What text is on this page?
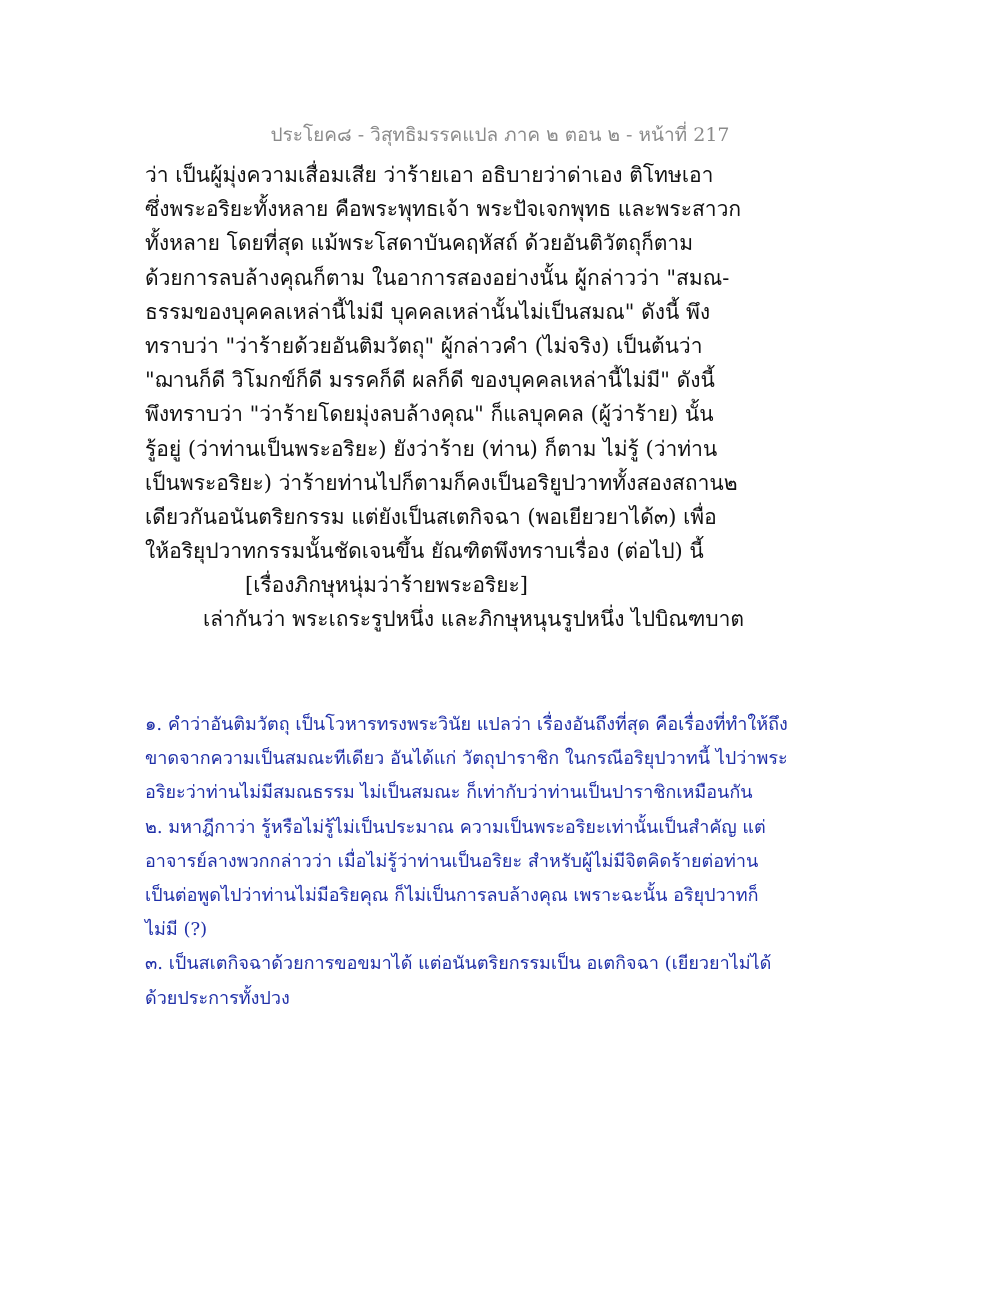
ประโยค๘ - วิสุทธิมรรคแปล ภาค ๒ ตอน ๒ - หน้าที่ 217
ว่า เป็นผู้มุ่งความเสื่อมเสีย ว่าร้ายเอา อธิบายว่าด่าเอง ติโทษเอา
ซึ่งพระอริยะทั้งหลาย คือพระพุทธเจ้า พระปัจเจกพุทธ และพระสาวก
ทั้งหลาย โดยที่สุด แม้พระโสดาบันคฤหัสถ์ ด้วยอันติวัตถุก็ตาม
ด้วยการลบล้างคุณก็ตาม ในอาการสองอย่างนั้น ผู้กล่าวว่า "สมณ-
ธรรมของบุคคลเหล่านี้ไม่มี บุคคลเหล่านั้นไม่เป็นสมณ" ดังนี้ พึง
ทราบว่า "ว่าร้ายด้วยอันติมวัตถุ" ผู้กล่าวคำ (ไม่จริง) เป็นต้นว่า
"ฌานก็ดี วิโมกข์ก็ดี มรรคก็ดี ผลก็ดี ของบุคคลเหล่านี้ไม่มี" ดังนี้
พึงทราบว่า "ว่าร้ายโดยมุ่งลบล้างคุณ" ก็แลบุคคล (ผู้ว่าร้าย) นั้น
รู้อยู่ (ว่าท่านเป็นพระอริยะ) ยังว่าร้าย (ท่าน) ก็ตาม ไม่รู้ (ว่าท่าน
เป็นพระอริยะ) ว่าร้ายท่านไปก็ตามก็คงเป็นอริยูปวาททั้งสองสถาน๒
เดียวกันอนันตริยกรรม แต่ยังเป็นสเตกิจฉา (พอเยียวยาได้๓) เพื่อ
ให้อริยุปวาทกรรมนั้นชัดเจนขึ้น ยัณฑิตพึงทราบเรื่อง (ต่อไป) นี้
[เรื่องภิกษุหนุ่มว่าร้ายพระอริยะ]
เล่ากันว่า พระเถระรูปหนึ่ง และภิกษุหนุนรูปหนึ่ง ไปบิณฑบาต
๑. คำว่าอันติมวัตถุ เป็นโวหารทรงพระวินัย แปลว่า เรื่องอันถึงที่สุด คือเรื่องที่ทำให้ถึง
ขาดจากความเป็นสมณะทีเดียว อันได้แก่ วัตถุปาราชิก ในกรณีอริยุปวาทนี้ ไปว่าพระ
อริยะว่าท่านไม่มีสมณธรรม ไม่เป็นสมณะ ก็เท่ากับว่าท่านเป็นปาราชิกเหมือนกัน
๒. มหาฎีกาว่า รู้หรือไม่รู้ไม่เป็นประมาณ ความเป็นพระอริยะเท่านั้นเป็นสำคัญ แต่
อาจารย์ลางพวกกล่าวว่า เมื่อไม่รู้ว่าท่านเป็นอริยะ สำหรับผู้ไม่มีจิตคิดร้ายต่อท่าน
เป็นต่อพูดไปว่าท่านไม่มีอริยคุณ ก็ไม่เป็นการลบล้างคุณ เพราะฉะนั้น อริยุปวาทก็
ไม่มี (?)
๓. เป็นสเตกิจฉาด้วยการขอขมาได้ แต่อนันตริยกรรมเป็น อเตกิจฉา (เยียวยาไม่ได้
ด้วยประการทั้งปวง
